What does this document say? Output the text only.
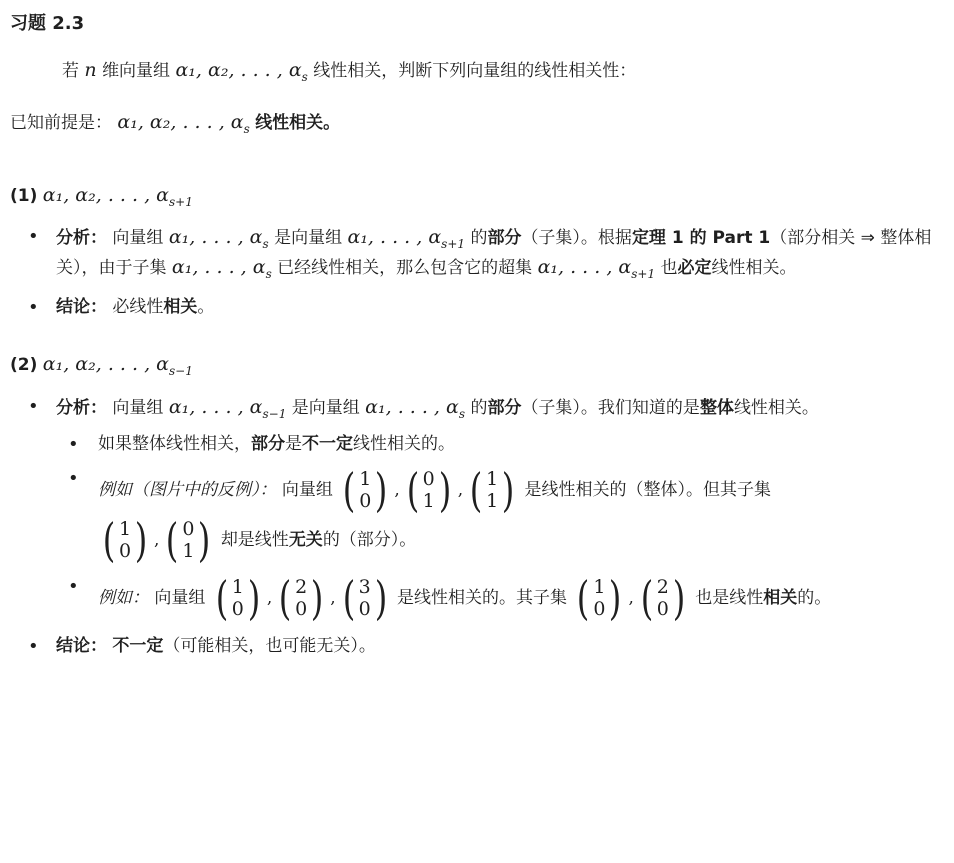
习题 2.3
若 n 维向量组 α₁, α₂, . . . , $\alpha_s$ 线性相关，判断下列向量组的线性相关性：
已知前提是： α₁, α₂, . . . , $\alpha_s$ 线性相关。
(1) α₁, α₂, . . . , $\alpha_{s+1}$
• 分析： 向量组 α₁, . . . , $\alpha_s$ 是向量组 α₁, . . . , $\alpha_{s+1}$ 的部分（子集）。根据定理 1 的 Part 1（部分相关 ⇒ 整体相关），由于子集 α₁, . . . , $\alpha_s$ 已经线性相关，那么包含它的超集 α₁, . . . , $\alpha_{s+1}$ 也必定线性相关。
• 结论： 必线性相关。
(2) α₁, α₂, . . . , $\alpha_{s-1}$
• 分析： 向量组 α₁, . . . , $\alpha_{s-1}$ 是向量组 α₁, . . . , $\alpha_s$ 的部分（子集）。我们知道的是整体线性相关。
• 如果整体线性相关，部分是不一定线性相关的。
• 例如（图片中的反例）： 向量组 ( 1
0 ) , ( 0
1 ) , ( 1
1 ) 是线性相关的（整体）。但其子集

( 1
0 ) , ( 0
1 ) 却是线性无关的（部分）。
• 例如： 向量组 ( 1
0 ) , ( 2
0 ) , ( 3
0 ) 是线性相关的。其子集 ( 1
0 ) , ( 2
0 ) 也是线性相关的。
• 结论： 不一定（可能相关，也可能无关）。
